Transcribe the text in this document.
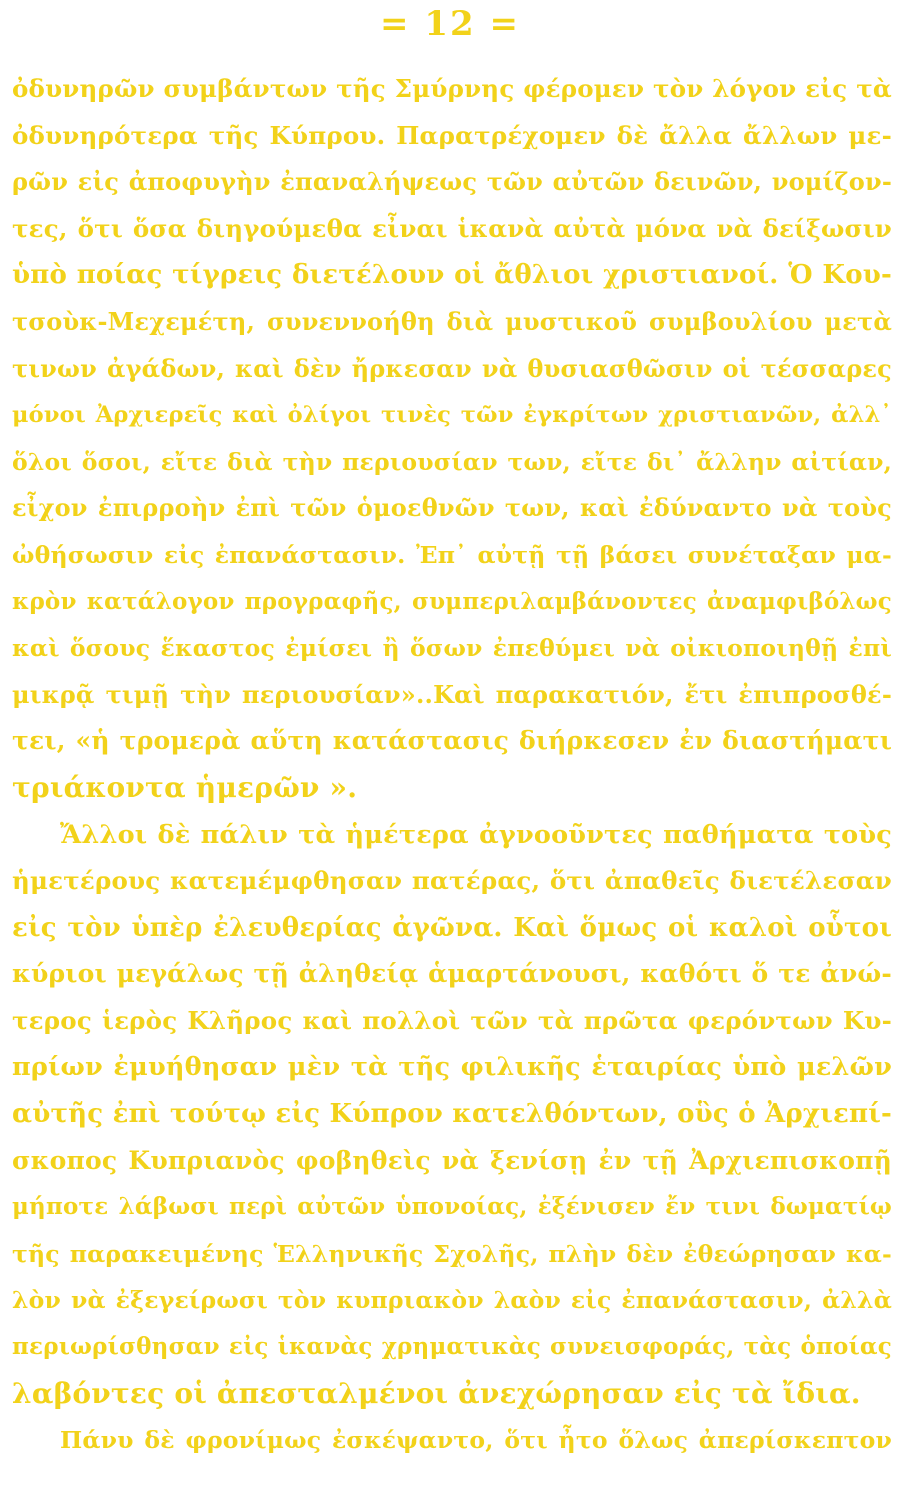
= 12 =
ὀδυνηρῶν συμβάντων τῆς Σμύρνης φέρομεν τὸν λόγον εἰς τὰ
ὀδυνηρότερα τῆς Κύπρου. Παρατρέχομεν δὲ ἄλλα ἄλλων με-
ρῶν εἰς ἀποφυγὴν ἐπαναλήψεως τῶν αὐτῶν δεινῶν, νομίζον-
τες, ὅτι ὅσα διηγούμεθα εἶναι ἱκανὰ αὐτὰ μόνα νὰ δείξωσιν
ὑπὸ ποίας τίγρεις διετέλουν οἱ ἄθλιοι χριστιανοί. Ὁ Κου-
τσοὺκ-Μεχεμέτη, συνεννοήθη διὰ μυστικοῦ συμβουλίου μετὰ
τινων ἀγάδων, καὶ δὲν ἤρκεσαν νὰ θυσιασθῶσιν οἱ τέσσαρες
μόνοι Ἀρχιερεῖς καὶ ὀλίγοι τινὲς τῶν ἐγκρίτων χριστιανῶν, ἀλλ᾽
ὅλοι ὅσοι, εἴτε διὰ τὴν περιουσίαν των, εἴτε δι᾽ ἄλλην αἰτίαν,
εἶχον ἐπιρροὴν ἐπὶ τῶν ὁμοεθνῶν των, καὶ ἐδύναντο νὰ τοὺς
ὠθήσωσιν εἰς ἐπανάστασιν. Ἐπ᾽ αὐτῇ τῇ βάσει συνέταξαν μα-
κρὸν κατάλογον προγραφῆς, συμπεριλαμβάνοντες ἀναμφιβόλως
καὶ ὅσους ἕκαστος ἐμίσει ἢ ὅσων ἐπεθύμει νὰ οἰκιοποιηθῇ ἐπὶ
μικρᾷ τιμῇ τὴν περιουσίαν»..Καὶ παρακατιόν, ἔτι ἐπιπροσθέ-
τει, «ἡ τρομερὰ αὕτη κατάστασις διήρκεσεν ἐν διαστήματι
τριάκοντα ἡμερῶν ».
Ἄλλοι δὲ πάλιν τὰ ἡμέτερα ἀγνοοῦντες παθήματα τοὺς
ἡμετέρους κατεμέμφθησαν πατέρας, ὅτι ἀπαθεῖς διετέλεσαν
εἰς τὸν ὑπὲρ ἐλευθερίας ἀγῶνα. Καὶ ὅμως οἱ καλοὶ οὗτοι
κύριοι μεγάλως τῇ ἀληθείᾳ ἁμαρτάνουσι, καθότι ὅ τε ἀνώ-
τερος ἱερὸς Κλῆρος καὶ πολλοὶ τῶν τὰ πρῶτα φερόντων Κυ-
πρίων ἐμυήθησαν μὲν τὰ τῆς φιλικῆς ἑταιρίας ὑπὸ μελῶν
αὐτῆς ἐπὶ τούτῳ εἰς Κύπρον κατελθόντων, οὓς ὁ Ἀρχιεπί-
σκοπος Κυπριανὸς φοβηθεὶς νὰ ξενίσῃ ἐν τῇ Ἀρχιεπισκοπῇ
μήποτε λάβωσι περὶ αὐτῶν ὑπονοίας, ἐξένισεν ἔν τινι δωματίῳ
τῆς παρακειμένης Ἑλληνικῆς Σχολῆς, πλὴν δὲν ἐθεώρησαν κα-
λὸν νὰ ἐξεγείρωσι τὸν κυπριακὸν λαὸν εἰς ἐπανάστασιν, ἀλλὰ
περιωρίσθησαν εἰς ἱκανὰς χρηματικὰς συνεισφοράς, τὰς ὁποίας
λαβόντες οἱ ἀπεσταλμένοι ἀνεχώρησαν εἰς τὰ ἴδια.
Πάνυ δὲ φρονίμως ἐσκέψαντο, ὅτι ἦτο ὅλως ἀπερίσκεπτον
